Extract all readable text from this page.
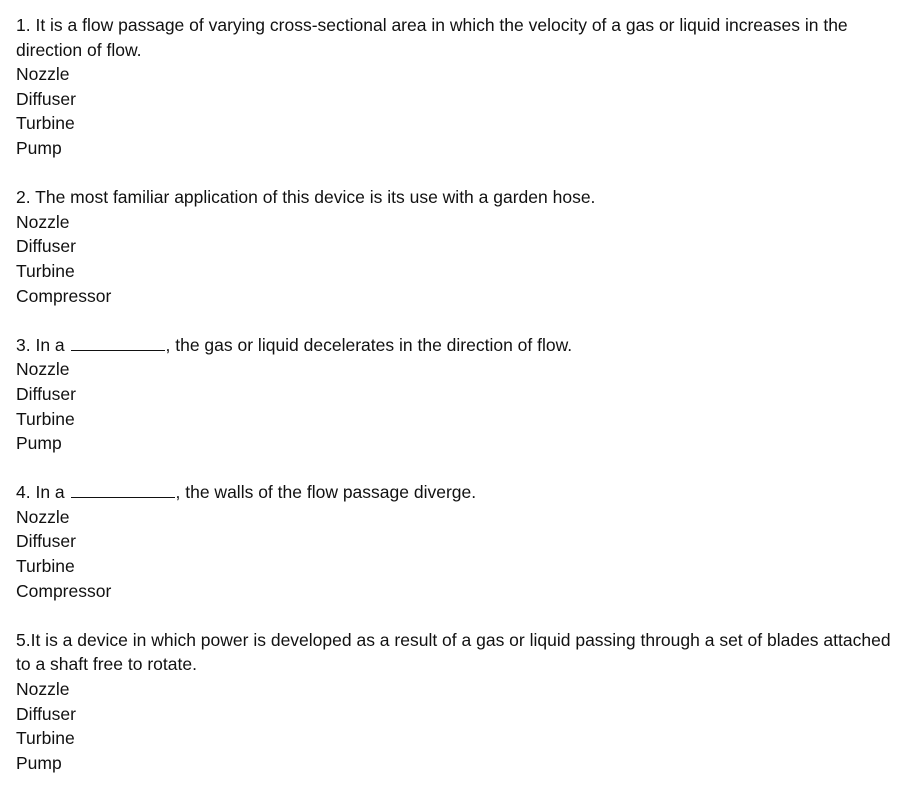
1. It is a flow passage of varying cross-sectional area in which the velocity of a gas or liquid increases in the direction of flow.
Nozzle
Diffuser
Turbine
Pump
2. The most familiar application of this device is its use with a garden hose.
Nozzle
Diffuser
Turbine
Compressor
3. In a	, the gas or liquid decelerates in the direction of flow.
Nozzle
Diffuser
Turbine
Pump
4. In a	, the walls of the flow passage diverge.
Nozzle
Diffuser
Turbine
Compressor
5.It is a device in which power is developed as a result of a gas or liquid passing through a set of blades attached to a shaft free to rotate.
Nozzle
Diffuser
Turbine
Pump
